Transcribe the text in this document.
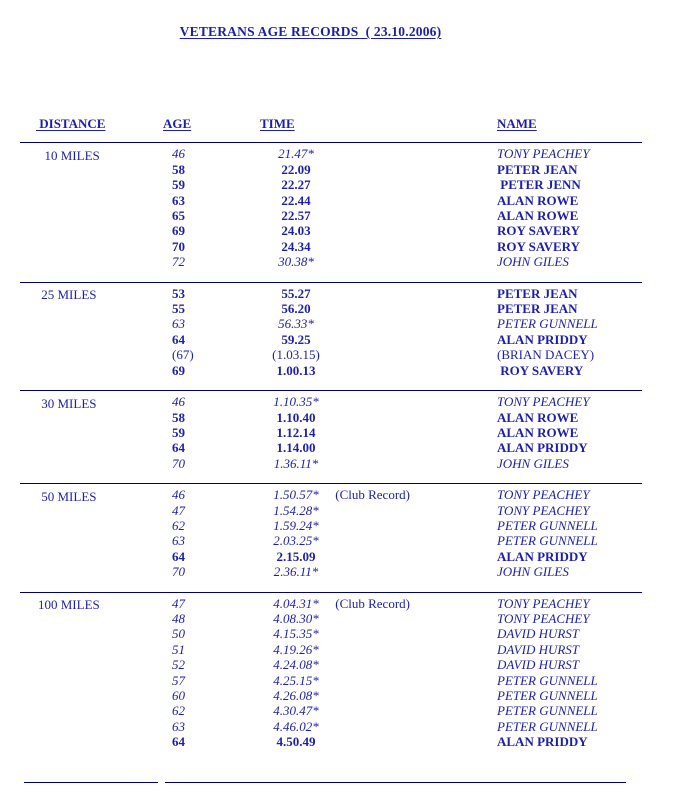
VETERANS AGE RECORDS  ( 23.10.2006)
DISTANCE	AGE	TIME	NAME
10 MILES	46	21.47*	TONY PEACHEY
58	22.09	PETER JEAN
59	22.27	PETER JENN
63	22.44	ALAN ROWE
65	22.57	ALAN ROWE
69	24.03	ROY SAVERY
70	24.34	ROY SAVERY
72	30.38*	JOHN GILES
25 MILES	53	55.27	PETER JEAN
55	56.20	PETER JEAN
63	56.33*	PETER GUNNELL
64	59.25	ALAN PRIDDY
(67)	(1.03.15)	(BRIAN DACEY)
69	1.00.13	ROY SAVERY
30 MILES	46	1.10.35*	TONY PEACHEY
58	1.10.40	ALAN ROWE
59	1.12.14	ALAN ROWE
64	1.14.00	ALAN PRIDDY
70	1.36.11*	JOHN GILES
50 MILES	46	1.50.57* (Club Record)	TONY PEACHEY
47	1.54.28*	TONY PEACHEY
62	1.59.24*	PETER GUNNELL
63	2.03.25*	PETER GUNNELL
64	2.15.09	ALAN PRIDDY
70	2.36.11*	JOHN GILES
100 MILES	47	4.04.31* (Club Record)	TONY PEACHEY
48	4.08.30*	TONY PEACHEY
50	4.15.35*	DAVID HURST
51	4.19.26*	DAVID HURST
52	4.24.08*	DAVID HURST
57	4.25.15*	PETER GUNNELL
60	4.26.08*	PETER GUNNELL
62	4.30.47*	PETER GUNNELL
63	4.46.02*	PETER GUNNELL
64	4.50.49	ALAN PRIDDY
